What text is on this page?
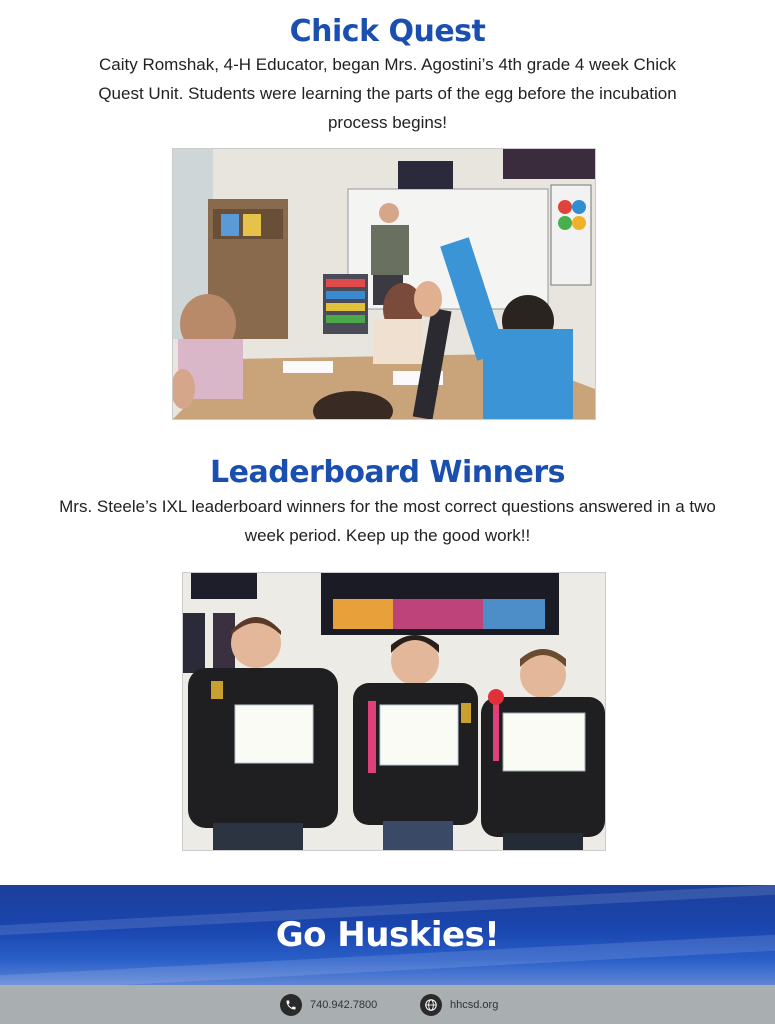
Chick Quest
Caity Romshak, 4-H Educator, began Mrs. Agostini’s 4th grade 4 week Chick
Quest Unit. Students were learning the parts of the egg before the incubation
process begins!
Leaderboard Winners
Mrs. Steele’s IXL leaderboard winners for the most correct questions answered in a two
week period. Keep up the good work!!
Go Huskies!
740.942.7800	hhcsd.org
